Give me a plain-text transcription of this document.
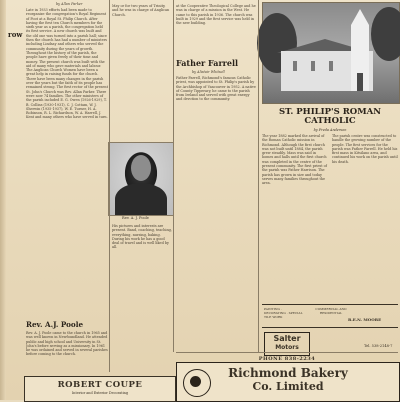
row
by Allan Parker
Late in 1933 efforts had been made to reorganize the congregation's Royal Regiment of Foot at a Royal St. Philip Church. After having the first ten Church members for the sixth year as a parish, the congregation held its first service. A new church was built and the old one was turned into a parish hall; since then the church has had a number of ministers including Lindsay and others who served the community during the years of growth. Throughout the history of the parish, the people have given freely of their time and money. The present church was built with the aid of many who gave materials and labour. The Anglican Church Women have been a great help in raising funds for the church. There have been many changes in the parish over the years but the faith of its people has remained strong. The first rector of the present St. John's Church was Rev. Allan Parker. There were now 74 families. The other ministers of the parish included E. G. Owen (1926-1929), T. B. Collins (1930-1931), C. J. Cottam, W. J. Sherwin (1935-1937), W. E. Turner, H. A. Robinson, R. L. Richardson, W. A. Harrell, J. Kent and many others who have served in turn.
Rev. A.J. Poole
Rev. A. J. Poole came to the church in 1965 and was well known in Newfoundland. He attended public and high school and University in St. John's before serving as a missionary. In 1961 he was ordained and served in several parishes before coming to the church.
May or for two years of Trinity, and he was in charge of Anglican Church.
Rev. A. J. Poole
His pictures and interests are present. Band, coaching, teaching, everything, nursing, baking. During his work he has a good deal of travel and is well liked by all.
at the Cooperative Theological College and he was in charge of a mission in the West. He came to this parish in 1936. The church was built in 1929 and the first service was held in the new building.
Father Farrell
by Alistair Whitsell
Father Farrell, Richmond's famous Catholic priest, was appointed to St. Philip's parish by the Archbishop of Vancouver in 1952. A native of County Tipperary, he came to the parish from Ireland and served with great energy and devotion to the community.
ST. PHILIP'S ROMAN CATHOLIC
by Freda Anderson
The year 1882 marked the arrival of the Roman Catholic mission in Richmond. Although the first church was not built until 1884, the parish grew steadily. Mass was said in homes and halls until the first church was completed in the centre of the present community. The first priest of the parish was Father Harrison. The parish has grown in size and today serves many families throughout the area.
The parish centre was constructed to handle the growing number of the people. The first services for the parish was Father Farrell. He held his first mass in Kitsilano area, and continued his work on the parish until his death.
PAINTING · DECORATING · SPECIAL TILE WORK
COMMERCIAL AND RESIDENTIAL
R.E.N. MOORE
Salter
Motors	Tel. 538-2148-7
PHONE 838-2234
Richmond Bakery
Co. Limited
ROBERT COUPE
Interior and Exterior Decorating
